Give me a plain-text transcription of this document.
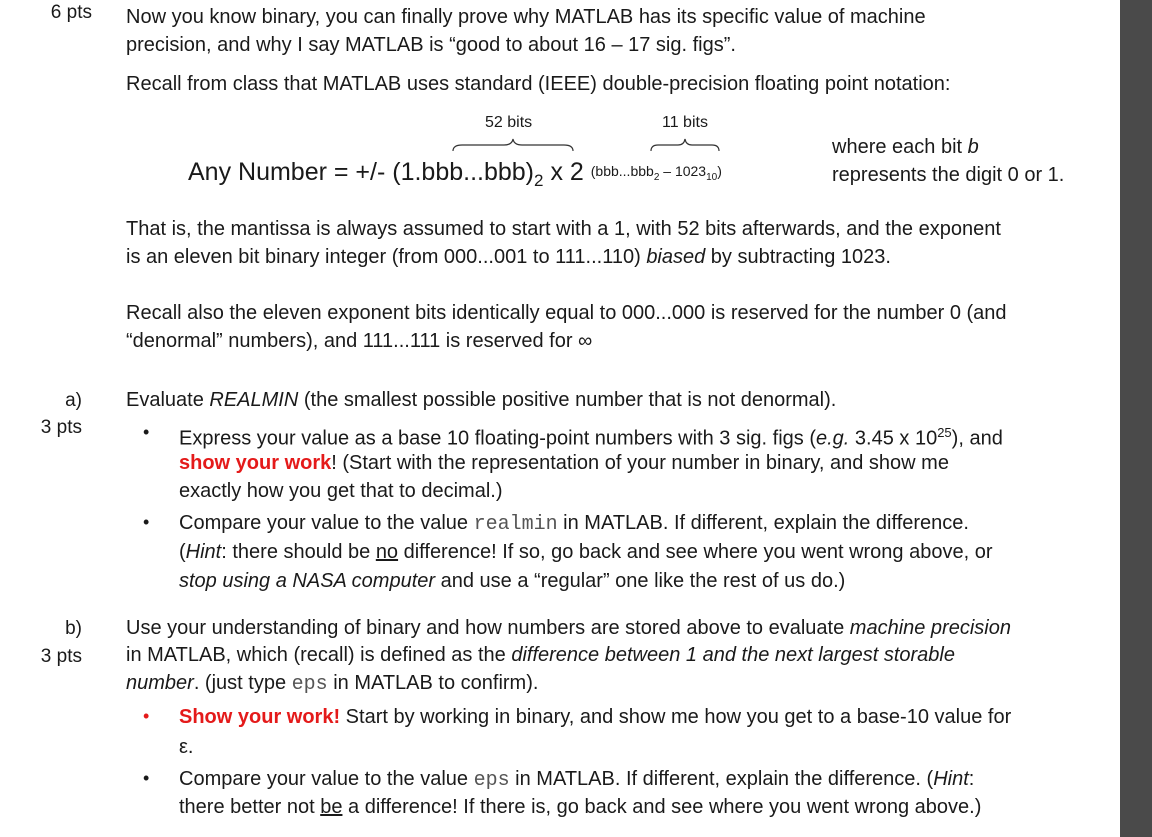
6 pts Now you know binary, you can finally prove why MATLAB has its specific value of machine
precision, and why I say MATLAB is “good to about 16 – 17 sig. figs”.
Recall from class that MATLAB uses standard (IEEE) double-precision floating point notation:
52 bits	11 bits
Any Number = +/- $(1.bbb...bbb)_2$ x 2 $(bbb...bbb_2 - 1023_{10})$
where each bit b
represents the digit 0 or 1.
That is, the mantissa is always assumed to start with a 1, with 52 bits afterwards, and the exponent
is an eleven bit binary integer (from 000...001 to 111...110) biased by subtracting 1023.
Recall also the eleven exponent bits identically equal to 000...000 is reserved for the number 0 (and
“denormal” numbers), and 111...111 is reserved for ∞
a)
3 pts
Evaluate REALMIN (the smallest possible positive number that is not denormal).
• Express your value as a base 10 floating-point numbers with 3 sig. figs (e.g. 3.45 x $10^{25}$), and
show your work! (Start with the representation of your number in binary, and show me
exactly how you get that to decimal.)
• Compare your value to the value realmin in MATLAB. If different, explain the difference.
(Hint: there should be no difference! If so, go back and see where you went wrong above, or
stop using a NASA computer and use a “regular” one like the rest of us do.)
b)
3 pts
Use your understanding of binary and how numbers are stored above to evaluate machine precision
in MATLAB, which (recall) is defined as the difference between 1 and the next largest storable
number. (just type eps in MATLAB to confirm).
• Show your work! Start by working in binary, and show me how you get to a base-10 value for
ε.
• Compare your value to the value eps in MATLAB. If different, explain the difference. (Hint:
there better not be a difference! If there is, go back and see where you went wrong above.)
